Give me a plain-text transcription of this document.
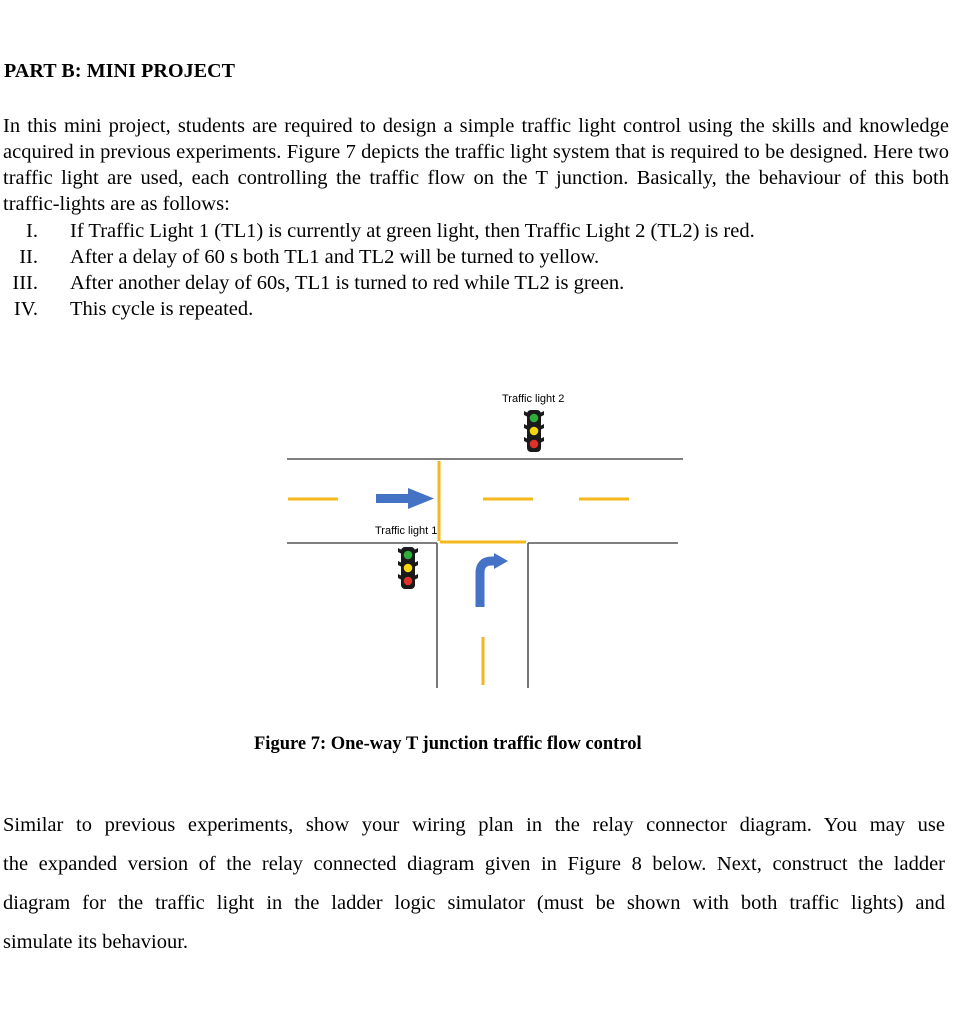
PART B: MINI PROJECT
In this mini project, students are required to design a simple traffic light control using the skills and knowledge acquired in previous experiments. Figure 7 depicts the traffic light system that is required to be designed. Here two traffic light are used, each controlling the traffic flow on the T junction. Basically, the behaviour of this both traffic-lights are as follows:
I. If Traffic Light 1 (TL1) is currently at green light, then Traffic Light 2 (TL2) is red.
II. After a delay of 60 s both TL1 and TL2 will be turned to yellow.
III. After another delay of 60s, TL1 is turned to red while TL2 is green.
IV. This cycle is repeated.
Traffic light 2
Traffic light 1
Figure 7: One-way T junction traffic flow control
Similar to previous experiments, show your wiring plan in the relay connector diagram. You may use
the expanded version of the relay connected diagram given in Figure 8 below. Next, construct the ladder
diagram for the traffic light in the ladder logic simulator (must be shown with both traffic lights) and
simulate its behaviour.
